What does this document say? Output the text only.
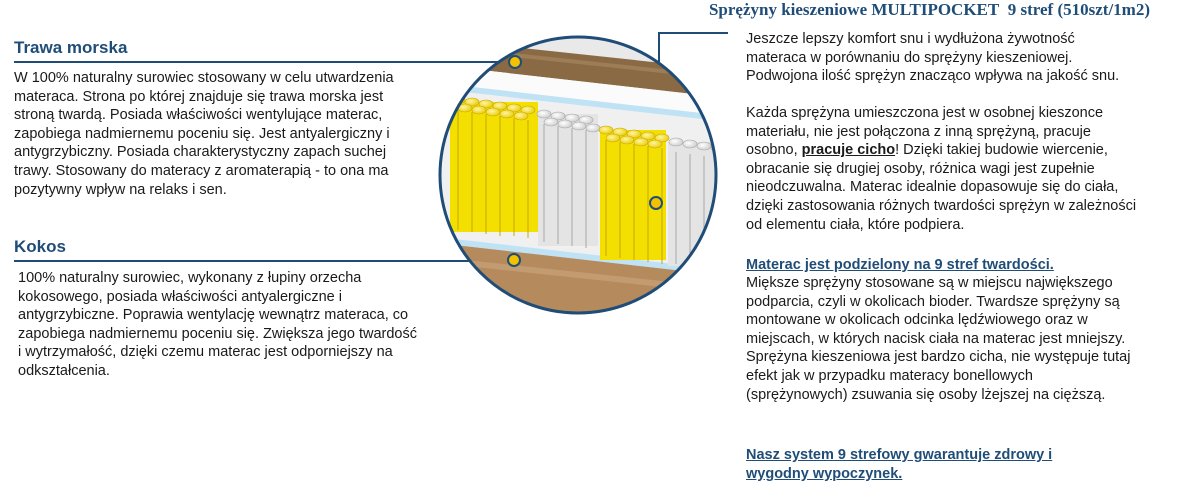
Sprężyny kieszeniowe MULTIPOCKET 9 stref (510szt/1m2)
Trawa morska

W 100% naturalny surowiec stosowany w celu utwardzenia materaca. Strona po której znajduje się trawa morska jest stroną twardą. Posiada właściwości wentylujące materac, zapobiega nadmiernemu poceniu się. Jest antyalergiczny i antygrzybiczny. Posiada charakterystyczny zapach suchej trawy. Stosowany do materacy z aromaterapią - to ona ma pozytywny wpływ na relaks i sen.

Kokos

100% naturalny surowiec, wykonany z łupiny orzecha kokosowego, posiada właściwości antyalergiczne i antygrzybiczne. Poprawia wentylację wewnątrz materaca, co zapobiega nadmiernemu poceniu się. Zwiększa jego twardość i wytrzymałość, dzięki czemu materac jest odporniejszy na odkształcenia.

Jeszcze lepszy komfort snu i wydłużona żywotność materaca w porównaniu do sprężyny kieszeniowej. Podwojona ilość sprężyn znacząco wpływa na jakość snu.

Każda sprężyna umieszczona jest w osobnej kieszonce materiału, nie jest połączona z inną sprężyną, pracuje osobno, pracuje cicho! Dzięki takiej budowie wiercenie, obracanie się drugiej osoby, różnica wagi jest zupełnie nieodczuwalna. Materac idealnie dopasowuje się do ciała, dzięki zastosowania różnych twardości sprężyn w zależności od elementu ciała, które podpiera.

Materac jest podzielony na 9 stref twardości.

Miększe sprężyny stosowane są w miejscu największego podparcia, czyli w okolicach bioder. Twardsze sprężyny są montowane w okolicach odcinka lędźwiowego oraz w miejscach, w których nacisk ciała na materac jest mniejszy. Sprężyna kieszeniowa jest bardzo cicha, nie występuje tutaj efekt jak w przypadku materacy bonellowych (sprężynowych) zsuwania się osoby lżejszej na cięższą.

Nasz system 9 strefowy gwarantuje zdrowy i wygodny wypoczynek.
